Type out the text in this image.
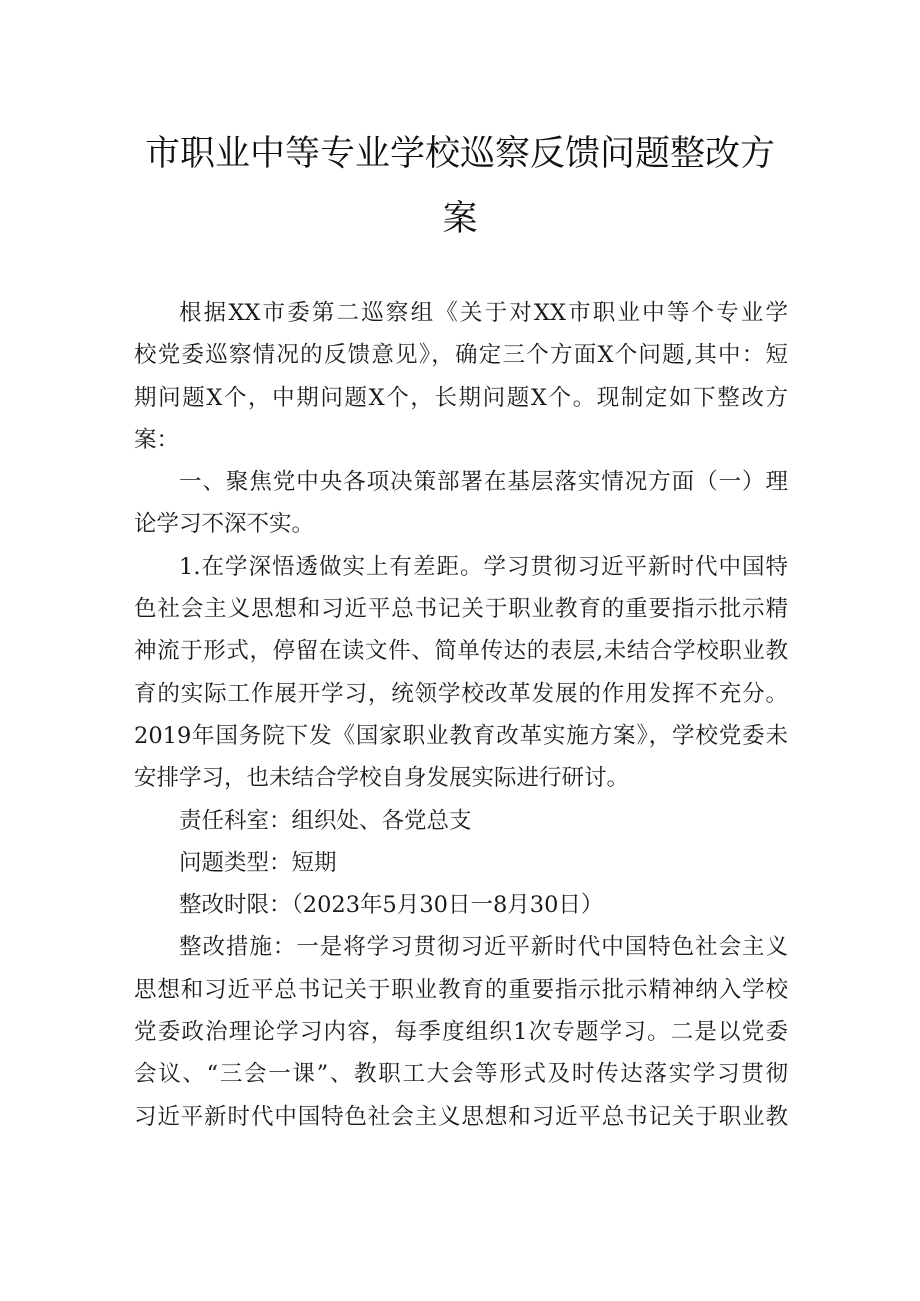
市职业中等专业学校巡察反馈问题整改方
案
根据XX市委第二巡察组《关于对XX市职业中等个专业学
校党委巡察情况的反馈意见》，确定三个方面X个问题,其中：短
期问题X个，中期问题X个，长期问题X个。现制定如下整改方
案：
一、聚焦党中央各项决策部署在基层落实情况方面（一）理
论学习不深不实。
1.在学深悟透做实上有差距。学习贯彻习近平新时代中国特
色社会主义思想和习近平总书记关于职业教育的重要指示批示精
神流于形式，停留在读文件、简单传达的表层,未结合学校职业教
育的实际工作展开学习，统领学校改革发展的作用发挥不充分。
2019年国务院下发《国家职业教育改革实施方案》，学校党委未
安排学习，也未结合学校自身发展实际进行研讨。
责任科室：组织处、各党总支
问题类型：短期
整改时限：（2023年5月30日一8月30日）
整改措施：一是将学习贯彻习近平新时代中国特色社会主义
思想和习近平总书记关于职业教育的重要指示批示精神纳入学校
党委政治理论学习内容，每季度组织1次专题学习。二是以党委
会议、“三会一课”、教职工大会等形式及时传达落实学习贯彻
习近平新时代中国特色社会主义思想和习近平总书记关于职业教
